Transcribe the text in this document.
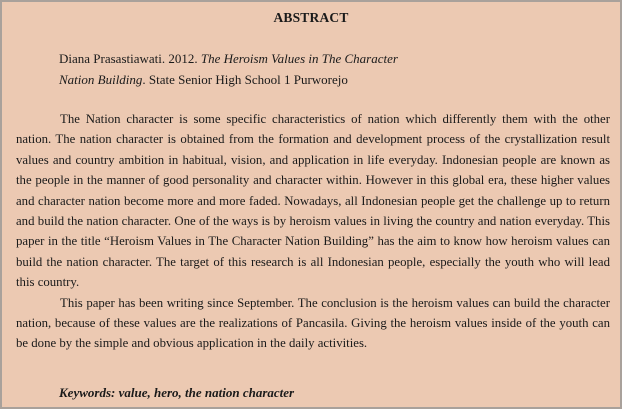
ABSTRACT
Diana Prasastiawati. 2012. The Heroism Values in The Character
Nation Building. State Senior High School 1 Purworejo

The Nation character is some specific characteristics of nation which differently them with the other nation. The nation character is obtained from the formation and development process of the crystallization result values and country ambition in habitual, vision, and application in life everyday. Indonesian people are known as the people in the manner of good personality and character within. However in this global era, these higher values and character nation become more and more faded. Nowadays, all Indonesian people get the challenge up to return and build the nation character. One of the ways is by heroism values in living the country and nation everyday. This paper in the title “Heroism Values in The Character Nation Building” has the aim to know how heroism values can build the nation character. The target of this research is all Indonesian people, especially the youth who will lead this country.

This paper has been writing since September. The conclusion is the heroism values can build the character nation, because of these values are the realizations of Pancasila. Giving the heroism values inside of the youth can be done by the simple and obvious application in the daily activities.

Keywords: value, hero, the nation character
